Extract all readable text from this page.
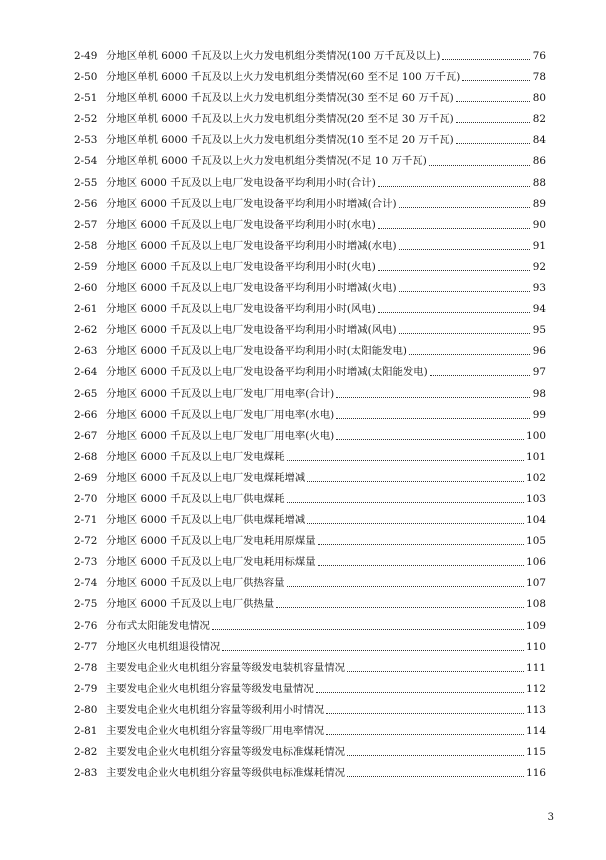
2-49 分地区单机 6000 千瓦及以上火力发电机组分类情况(100 万千瓦及以上)	76
2-50 分地区单机 6000 千瓦及以上火力发电机组分类情况(60 至不足 100 万千瓦)	78
2-51 分地区单机 6000 千瓦及以上火力发电机组分类情况(30 至不足 60 万千瓦)	80
2-52 分地区单机 6000 千瓦及以上火力发电机组分类情况(20 至不足 30 万千瓦)	82
2-53 分地区单机 6000 千瓦及以上火力发电机组分类情况(10 至不足 20 万千瓦)	84
2-54 分地区单机 6000 千瓦及以上火力发电机组分类情况(不足 10 万千瓦)	86
2-55 分地区 6000 千瓦及以上电厂发电设备平均利用小时(合计)	88
2-56 分地区 6000 千瓦及以上电厂发电设备平均利用小时增减(合计)	89
2-57 分地区 6000 千瓦及以上电厂发电设备平均利用小时(水电)	90
2-58 分地区 6000 千瓦及以上电厂发电设备平均利用小时增减(水电)	91
2-59 分地区 6000 千瓦及以上电厂发电设备平均利用小时(火电)	92
2-60 分地区 6000 千瓦及以上电厂发电设备平均利用小时增减(火电)	93
2-61 分地区 6000 千瓦及以上电厂发电设备平均利用小时(风电)	94
2-62 分地区 6000 千瓦及以上电厂发电设备平均利用小时增减(风电)	95
2-63 分地区 6000 千瓦及以上电厂发电设备平均利用小时(太阳能发电)	96
2-64 分地区 6000 千瓦及以上电厂发电设备平均利用小时增减(太阳能发电)	97
2-65 分地区 6000 千瓦及以上电厂发电厂用电率(合计)	98
2-66 分地区 6000 千瓦及以上电厂发电厂用电率(水电)	99
2-67 分地区 6000 千瓦及以上电厂发电厂用电率(火电)	100
2-68 分地区 6000 千瓦及以上电厂发电煤耗	101
2-69 分地区 6000 千瓦及以上电厂发电煤耗增减	102
2-70 分地区 6000 千瓦及以上电厂供电煤耗	103
2-71 分地区 6000 千瓦及以上电厂供电煤耗增减	104
2-72 分地区 6000 千瓦及以上电厂发电耗用原煤量	105
2-73 分地区 6000 千瓦及以上电厂发电耗用标煤量	106
2-74 分地区 6000 千瓦及以上电厂供热容量	107
2-75 分地区 6000 千瓦及以上电厂供热量	108
2-76 分布式太阳能发电情况	109
2-77 分地区火电机组退役情况	110
2-78 主要发电企业火电机组分容量等级发电装机容量情况	111
2-79 主要发电企业火电机组分容量等级发电量情况	112
2-80 主要发电企业火电机组分容量等级利用小时情况	113
2-81 主要发电企业火电机组分容量等级厂用电率情况	114
2-82 主要发电企业火电机组分容量等级发电标准煤耗情况	115
2-83 主要发电企业火电机组分容量等级供电标准煤耗情况	116
3
